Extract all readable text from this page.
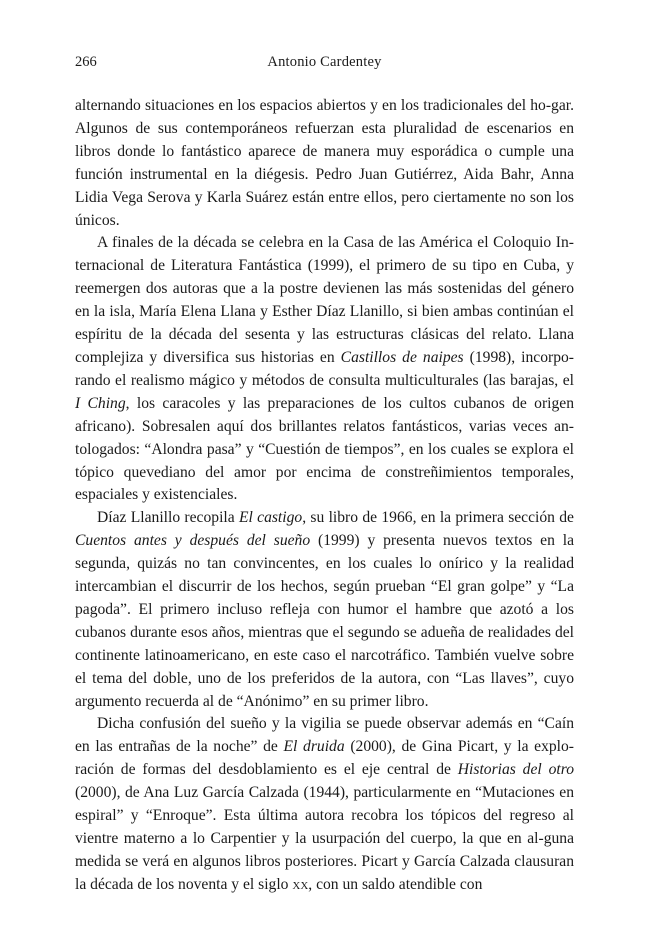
266	Antonio Cardentey

alternando situaciones en los espacios abiertos y en los tradicionales del ho-gar. Algunos de sus contemporáneos refuerzan esta pluralidad de escenarios en libros donde lo fantástico aparece de manera muy esporádica o cumple una función instrumental en la diégesis. Pedro Juan Gutiérrez, Aida Bahr, Anna Lidia Vega Serova y Karla Suárez están entre ellos, pero ciertamente no son los únicos.

A finales de la década se celebra en la Casa de las América el Coloquio In-ternacional de Literatura Fantástica (1999), el primero de su tipo en Cuba, y reemergen dos autoras que a la postre devienen las más sostenidas del género en la isla, María Elena Llana y Esther Díaz Llanillo, si bien ambas continúan el espíritu de la década del sesenta y las estructuras clásicas del relato. Llana complejiza y diversifica sus historias en Castillos de naipes (1998), incorpo-rando el realismo mágico y métodos de consulta multiculturales (las barajas, el I Ching, los caracoles y las preparaciones de los cultos cubanos de origen africano). Sobresalen aquí dos brillantes relatos fantásticos, varias veces an-tologados: “Alondra pasa” y “Cuestión de tiempos”, en los cuales se explora el tópico quevediano del amor por encima de constreñimientos temporales, espaciales y existenciales.

Díaz Llanillo recopila El castigo, su libro de 1966, en la primera sección de Cuentos antes y después del sueño (1999) y presenta nuevos textos en la segunda, quizás no tan convincentes, en los cuales lo onírico y la realidad intercambian el discurrir de los hechos, según prueban “El gran golpe” y “La pagoda”. El primero incluso refleja con humor el hambre que azotó a los cubanos durante esos años, mientras que el segundo se adueña de realidades del continente latinoamericano, en este caso el narcotráfico. También vuelve sobre el tema del doble, uno de los preferidos de la autora, con “Las llaves”, cuyo argumento recuerda al de “Anónimo” en su primer libro.

Dicha confusión del sueño y la vigilia se puede observar además en “Caín en las entrañas de la noche” de El druida (2000), de Gina Picart, y la explo-ración de formas del desdoblamiento es el eje central de Historias del otro (2000), de Ana Luz García Calzada (1944), particularmente en “Mutaciones en espiral” y “Enroque”. Esta última autora recobra los tópicos del regreso al vientre materno a lo Carpentier y la usurpación del cuerpo, la que en al-guna medida se verá en algunos libros posteriores. Picart y García Calzada clausuran la década de los noventa y el siglo xx, con un saldo atendible con
